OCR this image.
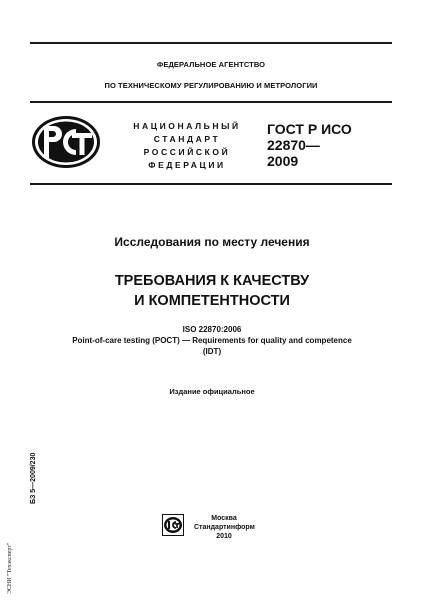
ФЕДЕРАЛЬНОЕ АГЕНТСТВО
ПО ТЕХНИЧЕСКОМУ РЕГУЛИРОВАНИЮ И МЕТРОЛОГИИ
НАЦИОНАЛЬНЫЙ
СТАНДАРТ
РОССИЙСКОЙ
ФЕДЕРАЦИИ
ГОСТ Р ИСО
22870—
2009
Исследования по месту лечения
ТРЕБОВАНИЯ К КАЧЕСТВУ
И КОМПЕТЕНТНОСТИ
ISO 22870:2006
Point-of-care testing (POCT) — Requirements for quality and competence
(IDT)
Издание официальное
БЗ 5—2009/230
ЭСНИ "Техэксперт"
Москва
Стандартинформ
2010
